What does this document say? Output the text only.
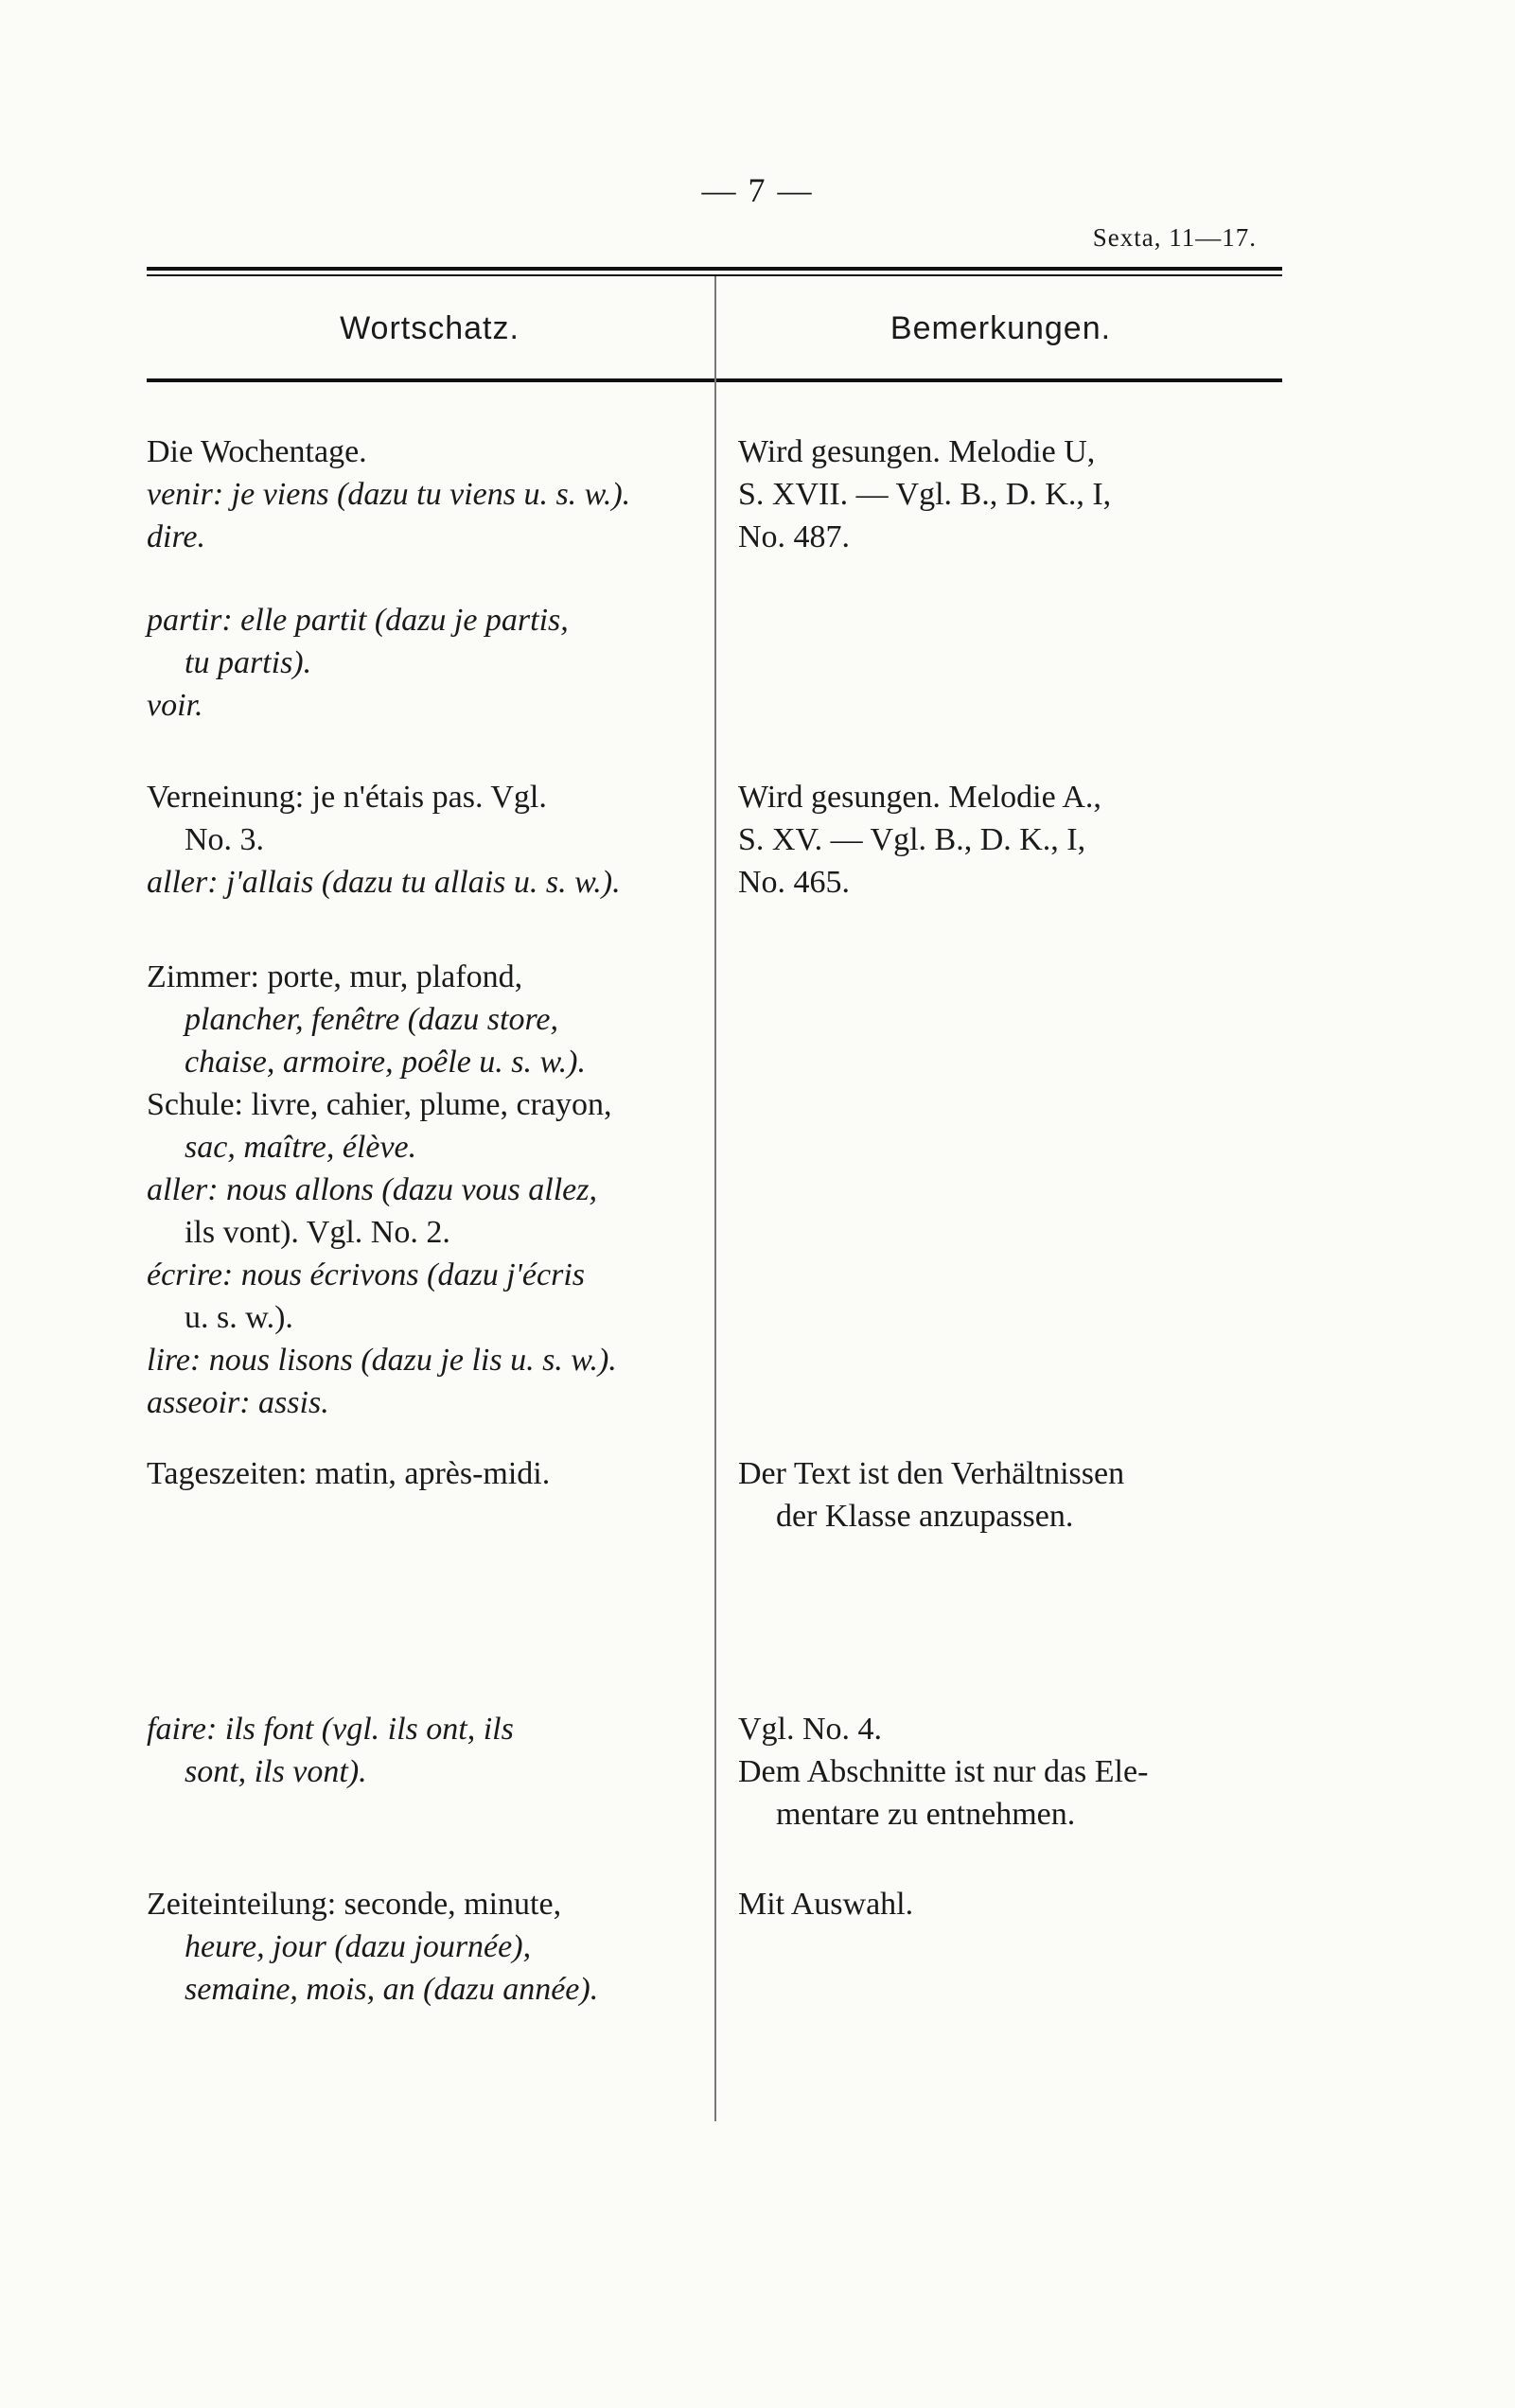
— 7 —
Sexta, 11—17.
Wortschatz.	Bemerkungen.
Die Wochentage.
venir: je viens (dazu tu viens u. s. w.).
dire.
partir: elle partit (dazu je partis,
tu partis).
voir.
Verneinung: je n'étais pas. Vgl.
No. 3.
aller: j'allais (dazu tu allais u. s. w.).
Zimmer: porte, mur, plafond,
plancher, fenêtre (dazu store,
chaise, armoire, poêle u. s. w.).
Schule: livre, cahier, plume, crayon,
sac, maître, élève.
aller: nous allons (dazu vous allez,
ils vont). Vgl. No. 2.
écrire: nous écrivons (dazu j'écris
u. s. w.).
lire: nous lisons (dazu je lis u. s. w.).
asseoir: assis.
Tageszeiten: matin, après-midi.
faire: ils font (vgl. ils ont, ils
sont, ils vont).
Zeiteinteilung: seconde, minute,
heure, jour (dazu journée),
semaine, mois, an (dazu année).
Wird gesungen. Melodie U,
S. XVII. — Vgl. B., D. K., I,
No. 487.
Wird gesungen. Melodie A.,
S. XV. — Vgl. B., D. K., I,
No. 465.
Der Text ist den Verhältnissen
der Klasse anzupassen.
Vgl. No. 4.
Dem Abschnitte ist nur das Ele-
mentare zu entnehmen.
Mit Auswahl.
